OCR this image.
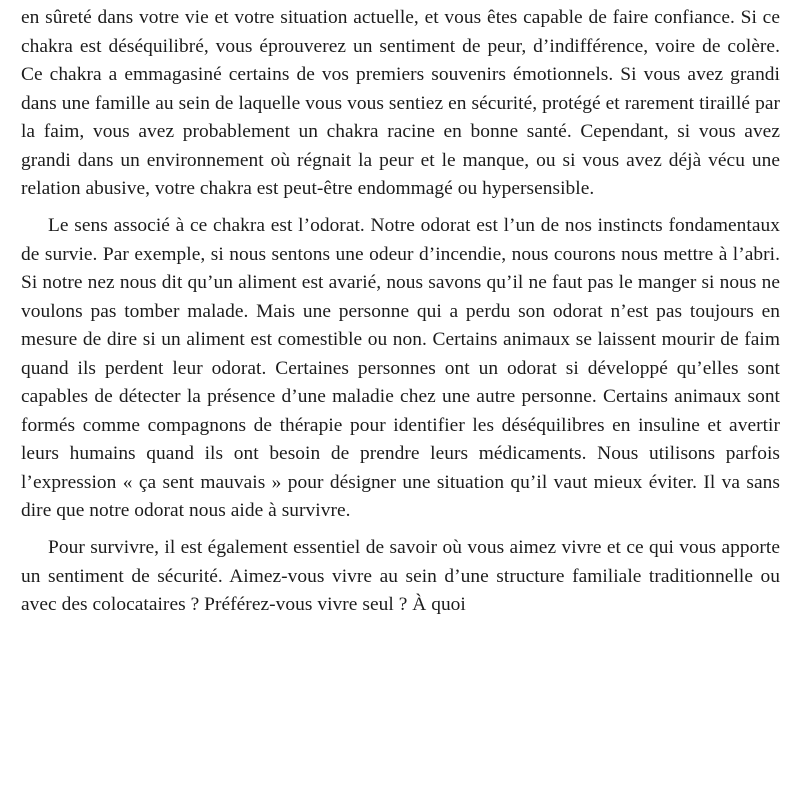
en sûreté dans votre vie et votre situation actuelle, et vous êtes capable de faire confiance. Si ce chakra est déséquilibré, vous éprouverez un sentiment de peur, d’indifférence, voire de colère. Ce chakra a emmagasiné certains de vos premiers souvenirs émotionnels. Si vous avez grandi dans une famille au sein de laquelle vous vous sentiez en sécurité, protégé et rarement tiraillé par la faim, vous avez probablement un chakra racine en bonne santé. Cependant, si vous avez grandi dans un environnement où régnait la peur et le manque, ou si vous avez déjà vécu une relation abusive, votre chakra est peut-être endommagé ou hypersensible.

Le sens associé à ce chakra est l’odorat. Notre odorat est l’un de nos instincts fondamentaux de survie. Par exemple, si nous sentons une odeur d’incendie, nous courons nous mettre à l’abri. Si notre nez nous dit qu’un aliment est avarié, nous savons qu’il ne faut pas le manger si nous ne voulons pas tomber malade. Mais une personne qui a perdu son odorat n’est pas toujours en mesure de dire si un aliment est comestible ou non. Certains animaux se laissent mourir de faim quand ils perdent leur odorat. Certaines personnes ont un odorat si développé qu’elles sont capables de détecter la présence d’une maladie chez une autre personne. Certains animaux sont formés comme compagnons de thérapie pour identifier les déséquilibres en insuline et avertir leurs humains quand ils ont besoin de prendre leurs médicaments. Nous utilisons parfois l’expression « ça sent mauvais » pour désigner une situation qu’il vaut mieux éviter. Il va sans dire que notre odorat nous aide à survivre.

Pour survivre, il est également essentiel de savoir où vous aimez vivre et ce qui vous apporte un sentiment de sécurité. Aimez-vous vivre au sein d’une structure familiale traditionnelle ou avec des colocataires ? Préférez-vous vivre seul ? À quoi
